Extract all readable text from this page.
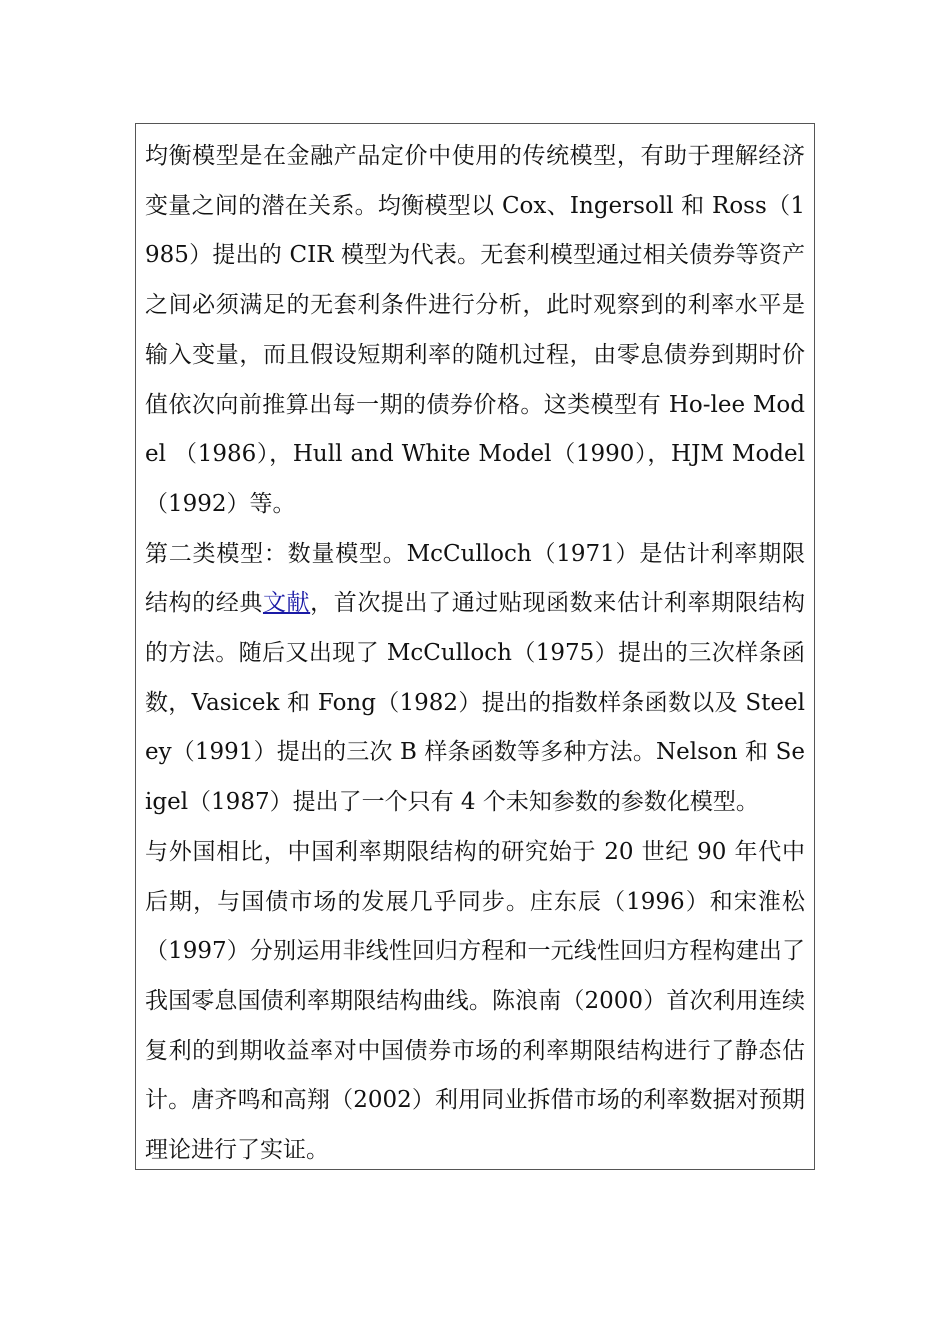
均衡模型是在金融产品定价中使用的传统模型，有助于理解经济变量之间的潜在关系。均衡模型以 Cox、Ingersoll 和 Ross（1985）提出的 CIR 模型为代表。无套利模型通过相关债券等资产之间必须满足的无套利条件进行分析，此时观察到的利率水平是输入变量，而且假设短期利率的随机过程，由零息债券到期时价值依次向前推算出每一期的债券价格。这类模型有 Ho-lee Model （1986），Hull and White Model（1990），HJM Model（1992）等。

第二类模型：数量模型。McCulloch（1971）是估计利率期限结构的经典文献，首次提出了通过贴现函数来估计利率期限结构的方法。随后又出现了 McCulloch（1975）提出的三次样条函数，Vasicek 和 Fong（1982）提出的指数样条函数以及 Steeley（1991）提出的三次 B 样条函数等多种方法。Nelson 和 Seigel（1987）提出了一个只有 4 个未知参数的参数化模型。

与外国相比，中国利率期限结构的研究始于 20 世纪 90 年代中后期，与国债市场的发展几乎同步。庄东辰（1996）和宋淮松（1997）分别运用非线性回归方程和一元线性回归方程构建出了我国零息国债利率期限结构曲线。陈浪南（2000）首次利用连续复利的到期收益率对中国债券市场的利率期限结构进行了静态估计。唐齐鸣和高翔（2002）利用同业拆借市场的利率数据对预期理论进行了实证。
